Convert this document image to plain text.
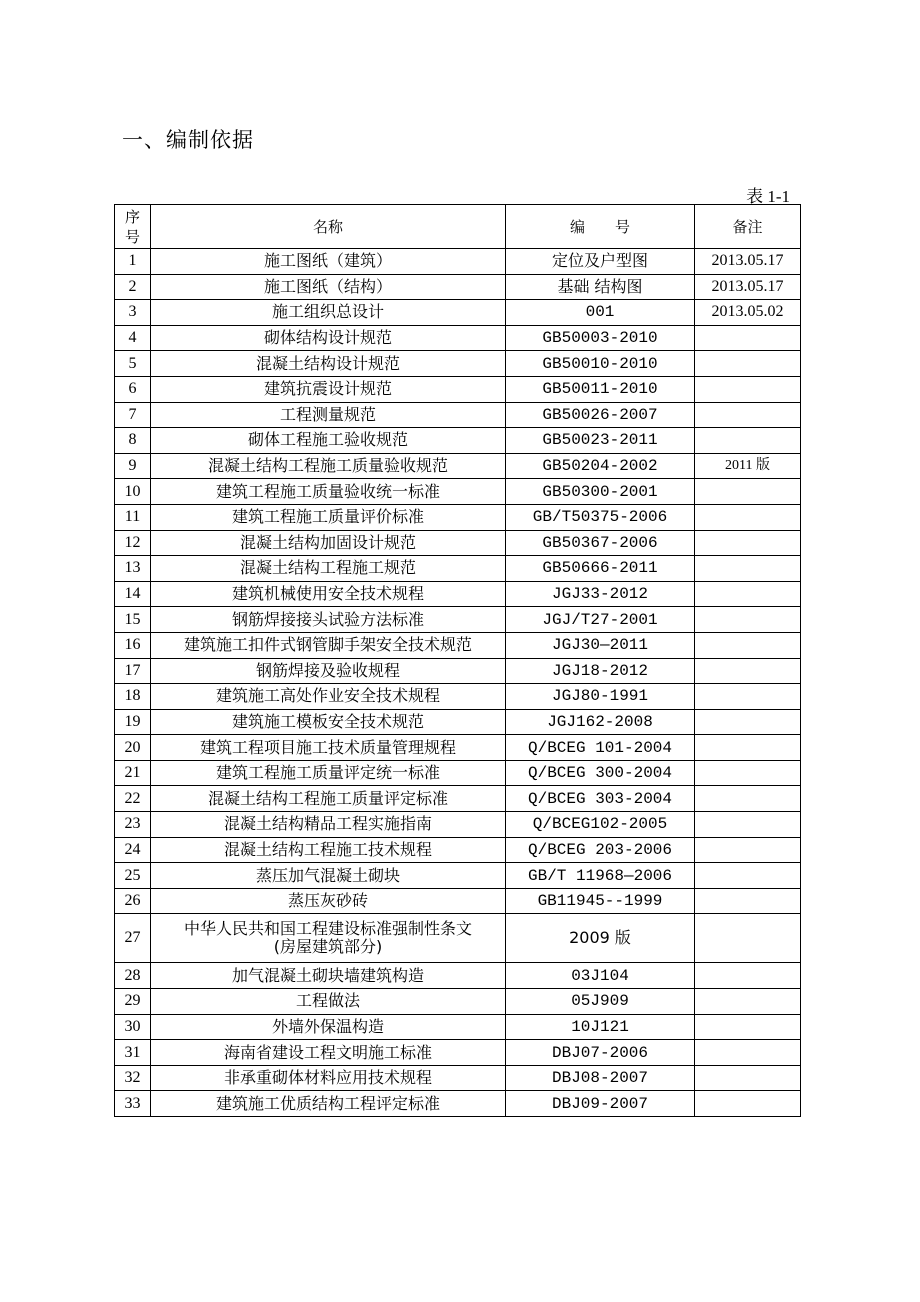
一、编制依据
表 1-1
序
号	名称	编　　号	备注
1	施工图纸（建筑）	定位及户型图	2013.05.17
2	施工图纸（结构）	基础 结构图	2013.05.17
3	施工组织总设计	001	2013.05.02
4	砌体结构设计规范	GB50003-2010	
5	混凝土结构设计规范	GB50010-2010	
6	建筑抗震设计规范	GB50011-2010	
7	工程测量规范	GB50026-2007	
8	砌体工程施工验收规范	GB50023-2011	
9	混凝土结构工程施工质量验收规范	GB50204-2002	2011 版
10	建筑工程施工质量验收统一标准	GB50300-2001	
11	建筑工程施工质量评价标准	GB/T50375-2006	
12	混凝土结构加固设计规范	GB50367-2006	
13	混凝土结构工程施工规范	GB50666-2011	
14	建筑机械使用安全技术规程	JGJ33-2012	
15	钢筋焊接接头试验方法标准	JGJ/T27-2001	
16	建筑施工扣件式钢管脚手架安全技术规范	JGJ30—2011	
17	钢筋焊接及验收规程	JGJ18-2012	
18	建筑施工高处作业安全技术规程	JGJ80-1991	
19	建筑施工模板安全技术规范	JGJ162-2008	
20	建筑工程项目施工技术质量管理规程	Q/BCEG 101-2004	
21	建筑工程施工质量评定统一标准	Q/BCEG 300-2004	
22	混凝土结构工程施工质量评定标准	Q/BCEG 303-2004	
23	混凝土结构精品工程实施指南	Q/BCEG102-2005	
24	混凝土结构工程施工技术规程	Q/BCEG 203-2006	
25	蒸压加气混凝土砌块	GB/T 11968—2006	
26	蒸压灰砂砖	GB11945--1999	
27	中华人民共和国工程建设标准强制性条文
(房屋建筑部分)	2009 版	
28	加气混凝土砌块墙建筑构造	03J104	
29	工程做法	05J909	
30	外墙外保温构造	10J121	
31	海南省建设工程文明施工标准	DBJ07-2006	
32	非承重砌体材料应用技术规程	DBJ08-2007	
33	建筑施工优质结构工程评定标准	DBJ09-2007	
